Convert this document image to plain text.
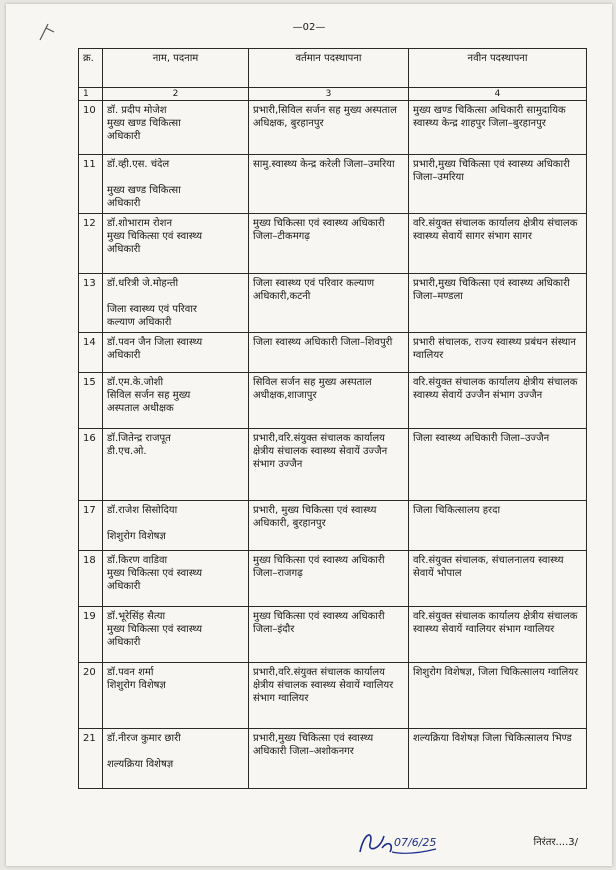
—02—
क्र.	नाम, पदनाम	वर्तमान पदस्थापना	नवीन पदस्थापना
1	2	3	4
10	डॉ. प्रदीप मोजेश
मुख्य खण्ड चिकित्सा
अधिकारी	प्रभारी,सिविल सर्जन सह मुख्य अस्पताल अधिक्षक, बुरहानपुर	मुख्य खण्ड चिकित्सा अधिकारी सामुदायिक स्वास्थ्य केन्द्र शाहपुर जिला–बुरहानपुर
11	डॉ.व्ही.एस. चंदेल

मुख्य खण्ड चिकित्सा
अधिकारी	सामु.स्वास्थ्य केन्द्र करेली जिला–उमरिया	प्रभारी,मुख्य चिकित्सा एवं स्वास्थ्य अधिकारी जिला–उमरिया
12	डॉ.शोभाराम रोशन
मुख्य चिकित्सा एवं स्वास्थ्य
अधिकारी	मुख्य चिकित्सा एवं स्वास्थ्य अधिकारी जिला–टीकमगढ़	वरि.संयुक्त संचालक कार्यालय क्षेत्रीय संचालक स्वास्थ्य सेवायें सागर संभाग सागर
13	डॉ.धरित्री जे.मोहन्ती

जिला स्वास्थ्य एवं परिवार
कल्याण अधिकारी	जिला स्वास्थ्य एवं परिवार कल्याण अधिकारी,कटनी	प्रभारी,मुख्य चिकित्सा एवं स्वास्थ्य अधिकारी जिला–मण्डला
14	डॉ.पवन जैन जिला स्वास्थ्य
अधिकारी	जिला स्वास्थ्य अधिकारी जिला–शिवपुरी	प्रभारी संचालक, राज्य स्वास्थ्य प्रबंधन संस्थान ग्वालियर
15	डॉ.एम.के.जोशी
सिविल सर्जन सह मुख्य
अस्पताल अधीक्षक	सिविल सर्जन सह मुख्य अस्पताल अधीक्षक,शाजापुर	वरि.संयुक्त संचालक कार्यालय क्षेत्रीय संचालक स्वास्थ्य सेवायें उज्जैन संभाग उज्जैन
16	डॉ.जितेन्द्र राजपूत
डी.एच.ओ.	प्रभारी,वरि.संयुक्त संचालक कार्यालय क्षेत्रीय संचालक स्वास्थ्य सेवायें उज्जैन संभाग उज्जैन	जिला स्वास्थ्य अधिकारी जिला–उज्जैन
17	डॉ.राजेश सिसोदिया

शिशुरोग विशेषज्ञ	प्रभारी, मुख्य चिकित्सा एवं स्वास्थ्य अधिकारी, बुरहानपुर	जिला चिकित्सालय हरदा
18	डॉ.किरण वाडिवा
मुख्य चिकित्सा एवं स्वास्थ्य
अधिकारी	मुख्य चिकित्सा एवं स्वास्थ्य अधिकारी जिला–राजगढ़	वरि.संयुक्त संचालक, संचालनालय स्वास्थ्य सेवायें भोपाल
19	डॉ.भूरेसिंह सैत्या
मुख्य चिकित्सा एवं स्वास्थ्य
अधिकारी	मुख्य चिकित्सा एवं स्वास्थ्य अधिकारी जिला–इंदौर	वरि.संयुक्त संचालक कार्यालय क्षेत्रीय संचालक स्वास्थ्य सेवायें ग्वालियर संभाग ग्वालियर
20	डॉ.पवन शर्मा
शिशुरोग विशेषज्ञ	प्रभारी,वरि.संयुक्त संचालक कार्यालय क्षेत्रीय संचालक स्वास्थ्य सेवायें ग्वालियर संभाग ग्वालियर	शिशुरोग विशेषज्ञ, जिला चिकित्सालय ग्वालियर
21	डॉ.नीरज कुमार छारी

शल्यक्रिया विशेषज्ञ	प्रभारी,मुख्य चिकित्सा एवं स्वास्थ्य अधिकारी जिला–अशोकनगर	शल्यक्रिया विशेषज्ञ जिला चिकित्सालय भिण्ड
07/6/25	निरंतर....3/
